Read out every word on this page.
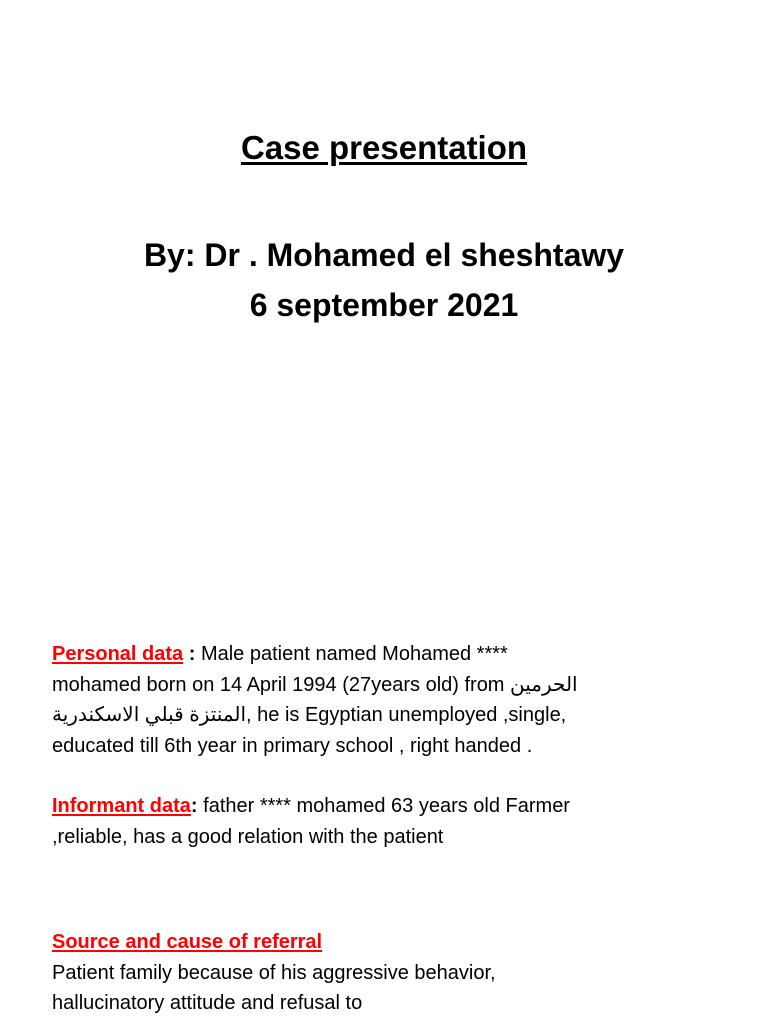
Case presentation
By: Dr . Mohamed el sheshtawy
6 september 2021
Personal data : Male patient named Mohamed ****
mohamed born on 14 April 1994 (27years old) from الحرمين
المنتزة قبلي الاسكندرية, he is Egyptian unemployed ,single,
educated till 6th year in primary school , right handed .
Informant data: father **** mohamed 63 years old Farmer
,reliable, has a good relation with the patient
Source and cause of referral
Patient family because of his aggressive behavior,
hallucinatory attitude and refusal to
